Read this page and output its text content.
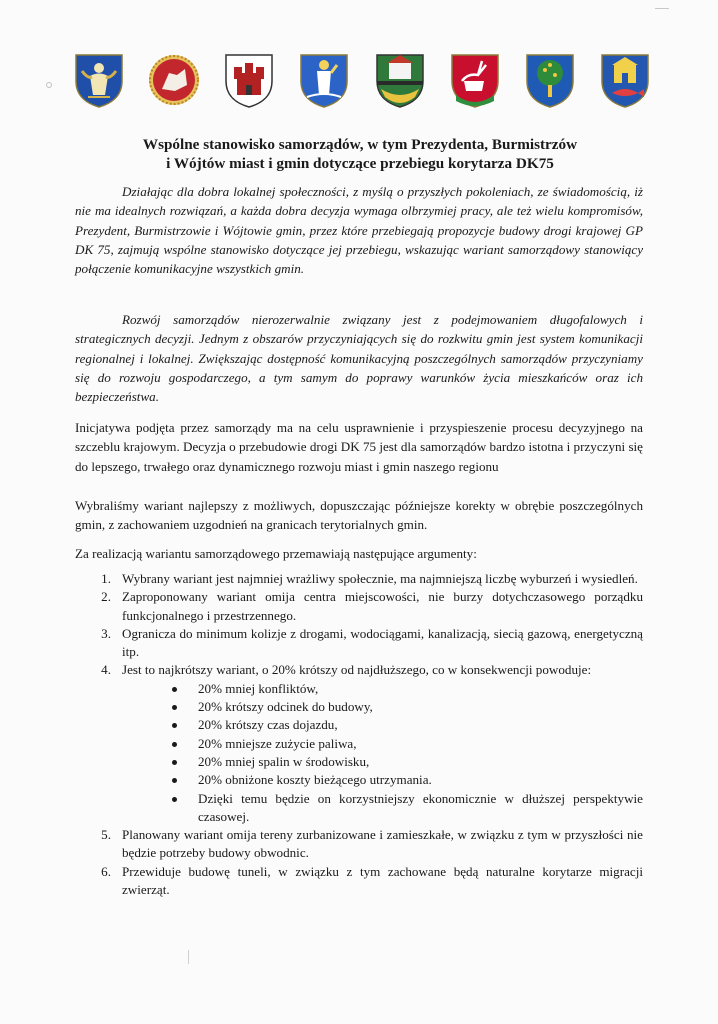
Wspólne stanowisko samorządów, w tym Prezydenta, Burmistrzów
i Wójtów miast i gmin dotyczące przebiegu korytarza DK75

Działając dla dobra lokalnej społeczności, z myślą o przyszłych pokoleniach, ze świadomością, iż nie ma idealnych rozwiązań, a każda dobra decyzja wymaga olbrzymiej pracy, ale też wielu kompromisów, Prezydent, Burmistrzowie i Wójtowie gmin, przez które przebiegają propozycje budowy drogi krajowej GP DK 75, zajmują wspólne stanowisko dotyczące jej przebiegu, wskazując wariant samorządowy stanowiący połączenie komunikacyjne wszystkich gmin.

Rozwój samorządów nierozerwalnie związany jest z podejmowaniem długofalowych i strategicznych decyzji. Jednym z obszarów przyczyniających się do rozkwitu gmin jest system komunikacji regionalnej i lokalnej. Zwiększając dostępność komunikacyjną poszczególnych samorządów przyczyniamy się do rozwoju gospodarczego, a tym samym do poprawy warunków życia mieszkańców oraz ich bezpieczeństwa.

Inicjatywa podjęta przez samorządy ma na celu usprawnienie i przyspieszenie procesu decyzyjnego na szczeblu krajowym. Decyzja o przebudowie drogi DK 75 jest dla samorządów bardzo istotna i przyczyni się do lepszego, trwałego oraz dynamicznego rozwoju miast i gmin naszego regionu

Wybraliśmy wariant najlepszy z możliwych, dopuszczając późniejsze korekty w obrębie poszczególnych gmin, z zachowaniem uzgodnień na granicach terytorialnych gmin.

Za realizacją wariantu samorządowego przemawiają następujące argumenty:

1 .	Wybrany wariant jest najmniej wrażliwy społecznie, ma najmniejszą liczbę wyburzeń i wysiedleń.
2 .	Zaproponowany wariant omija centra miejscowości, nie burzy dotychczasowego porządku funkcjonalnego i przestrzennego.
3 .	Ogranicza do minimum kolizje z drogami, wodociągami, kanalizacją, siecią gazową, energetyczną itp.
4 .	Jest to najkrótszy wariant, o 20% krótszy od najdłuższego, co w konsekwencji powoduje:
20% mniej konfliktów,
20% krótszy odcinek do budowy,
20% krótszy czas dojazdu,
20% mniejsze zużycie paliwa,
20% mniej spalin w środowisku,
20% obniżone koszty bieżącego utrzymania.
Dzięki temu będzie on korzystniejszy ekonomicznie w dłuższej perspektywie czasowej.
5 .	Planowany wariant omija tereny zurbanizowane i zamieszkałe, w związku z tym w przyszłości nie będzie potrzeby budowy obwodnic.
6 .	Przewiduje budowę tuneli, w związku z tym zachowane będą naturalne korytarze migracji zwierząt.
